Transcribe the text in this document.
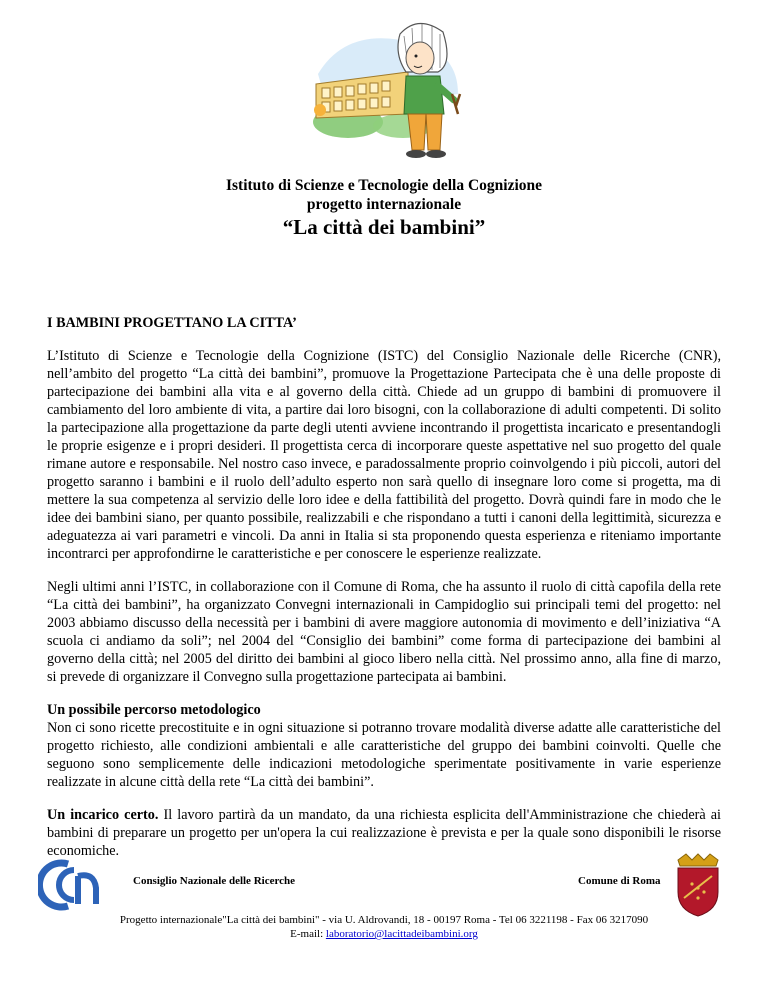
Istituto di Scienze e Tecnologie della Cognizione
progetto internazionale
“La città dei bambini”
I BAMBINI PROGETTANO LA CITTA’

L’Istituto di Scienze e Tecnologie della Cognizione (ISTC) del Consiglio Nazionale delle Ricerche (CNR), nell’ambito del progetto “La città dei bambini”, promuove la Progettazione Partecipata che è una delle proposte di partecipazione dei bambini alla vita e al governo della città. Chiede ad un gruppo di bambini di promuovere il cambiamento del loro ambiente di vita, a partire dai loro bisogni, con la collaborazione di adulti competenti. Di solito la partecipazione alla progettazione da parte degli utenti avviene incontrando il progettista incaricato e presentandogli le proprie esigenze e i propri desideri. Il progettista cerca di incorporare queste aspettative nel suo progetto del quale rimane autore e responsabile. Nel nostro caso invece, e paradossalmente proprio coinvolgendo i più piccoli, autori del progetto saranno i bambini e il ruolo dell’adulto esperto non sarà quello di insegnare loro come si progetta, ma di mettere la sua competenza al servizio delle loro idee e della fattibilità del progetto. Dovrà quindi fare in modo che le idee dei bambini siano, per quanto possibile, realizzabili e che rispondano a tutti i canoni della legittimità, sicurezza e adeguatezza ai vari parametri e vincoli. Da anni in Italia si sta proponendo questa esperienza e riteniamo importante incontrarci per approfondirne le caratteristiche e per conoscere le esperienze realizzate.

Negli ultimi anni l’ISTC, in collaborazione con il Comune di Roma, che ha assunto il ruolo di città capofila della rete “La città dei bambini”, ha organizzato Convegni internazionali in Campidoglio sui principali temi del progetto: nel 2003 abbiamo discusso della necessità per i bambini di avere maggiore autonomia di movimento e dell’iniziativa “A scuola ci andiamo da soli”; nel 2004 del “Consiglio dei bambini” come forma di partecipazione dei bambini al governo della città; nel 2005 del diritto dei bambini al gioco libero nella città. Nel prossimo anno, alla fine di marzo, si prevede di organizzare il Convegno sulla progettazione partecipata ai bambini.

Un possibile percorso metodologico
Non ci sono ricette precostituite e in ogni situazione si potranno trovare modalità diverse adatte alle caratteristiche del progetto richiesto, alle condizioni ambientali e alle caratteristiche del gruppo dei bambini coinvolti. Quelle che seguono sono semplicemente delle indicazioni metodologiche sperimentate positivamente in varie esperienze realizzate in alcune città della rete “La città dei bambini”.

Un incarico certo. Il lavoro partirà da un mandato, da una richiesta esplicita dell'Amministrazione che chiederà ai bambini di preparare un progetto per un'opera la cui realizzazione è prevista e per la quale sono disponibili le risorse economiche.

Consiglio Nazionale delle Ricerche	Comune di Roma
Progetto internazionale"La città dei bambini" - via U. Aldrovandi, 18 - 00197 Roma - Tel 06 3221198 - Fax 06 3217090
E-mail: laboratorio@lacittadeibambini.org
